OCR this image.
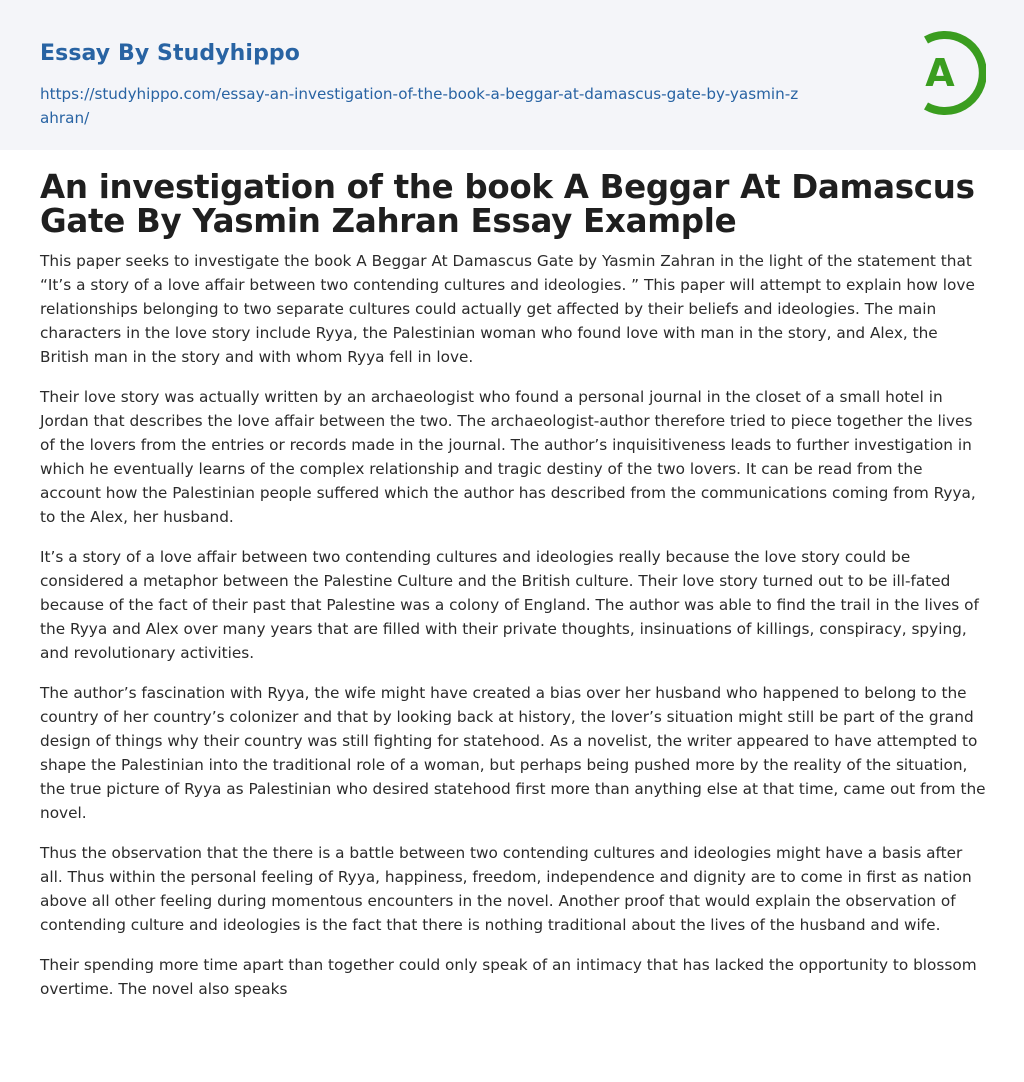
Essay By Studyhippo
https://studyhippo.com/essay-an-investigation-of-the-book-a-beggar-at-damascus-gate-by-yasmin-zahran/
A
An investigation of the book A Beggar At Damascus Gate By Yasmin Zahran Essay Example

This paper seeks to investigate the book A Beggar At Damascus Gate by Yasmin Zahran in the light of the statement that “It’s a story of a love affair between two contending cultures and ideologies. ” This paper will attempt to explain how love relationships belonging to two separate cultures could actually get affected by their beliefs and ideologies. The main characters in the love story include Ryya, the Palestinian woman who found love with man in the story, and Alex, the British man in the story and with whom Ryya fell in love.

Their love story was actually written by an archaeologist who found a personal journal in the closet of a small hotel in Jordan that describes the love affair between the two. The archaeologist-author therefore tried to piece together the lives of the lovers from the entries or records made in the journal. The author’s inquisitiveness leads to further investigation in which he eventually learns of the complex relationship and tragic destiny of the two lovers. It can be read from the account how the Palestinian people suffered which the author has described from the communications coming from Ryya, to the Alex, her husband.

It’s a story of a love affair between two contending cultures and ideologies really because the love story could be considered a metaphor between the Palestine Culture and the British culture. Their love story turned out to be ill-fated because of the fact of their past that Palestine was a colony of England. The author was able to find the trail in the lives of the Ryya and Alex over many years that are filled with their private thoughts, insinuations of killings, conspiracy, spying, and revolutionary activities.

The author’s fascination with Ryya, the wife might have created a bias over her husband who happened to belong to the country of her country’s colonizer and that by looking back at history, the lover’s situation might still be part of the grand design of things why their country was still fighting for statehood. As a novelist, the writer appeared to have attempted to shape the Palestinian into the traditional role of a woman, but perhaps being pushed more by the reality of the situation, the true picture of Ryya as Palestinian who desired statehood first more than anything else at that time, came out from the novel.

Thus the observation that the there is a battle between two contending cultures and ideologies might have a basis after all. Thus within the personal feeling of Ryya, happiness, freedom, independence and dignity are to come in first as nation above all other feeling during momentous encounters in the novel. Another proof that would explain the observation of contending culture and ideologies is the fact that there is nothing traditional about the lives of the husband and wife.

Their spending more time apart than together could only speak of an intimacy that has lacked the opportunity to blossom overtime. The novel also speaks
